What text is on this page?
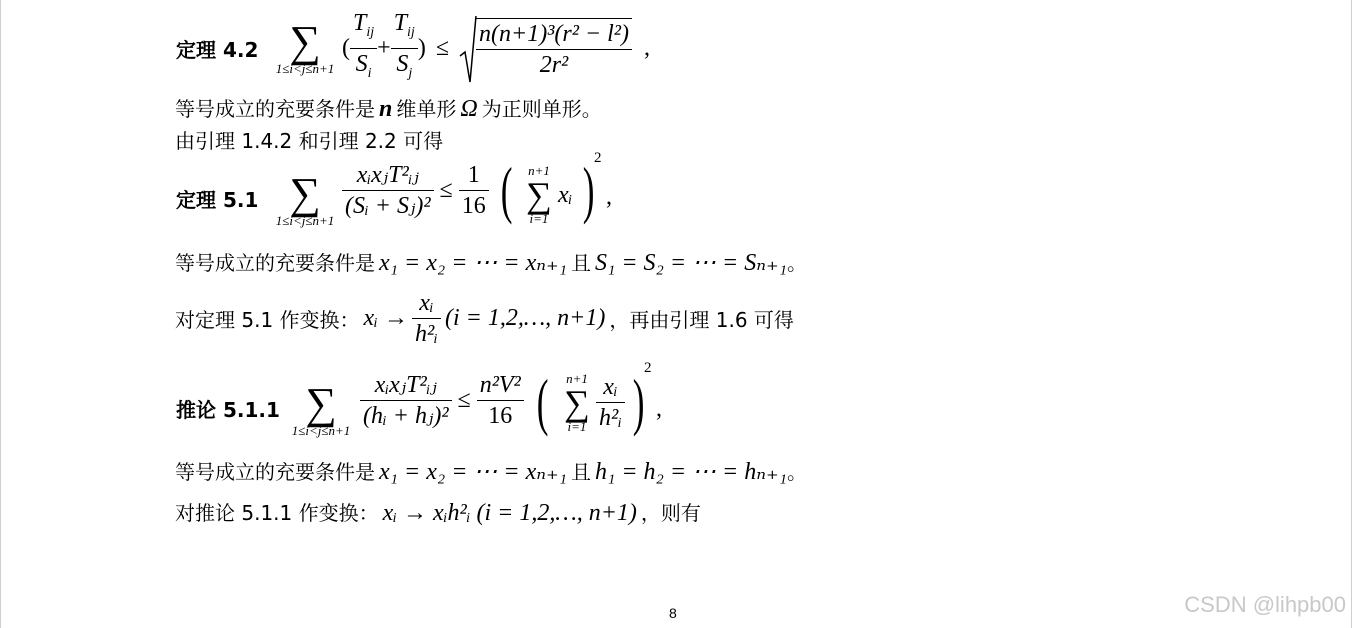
定理 4.2 ∑
1≤i<j≤n+1
( $\frac{T_{ij}}{S_i} + \frac{T_{ij}}{S_j}$ ) ≤ $\frac{\text{n(n+1)³(r² − l²)}}{\text{2r²}}$ ,
等号成立的充要条件是 n 维单形 Ω 为正则单形。
由引理 1.4.2 和引理 2.2 可得
定理 5.1 ∑
$1\le i<j\le n+1 \frac{\text{xᵢxⱼT²ᵢⱼ}}{\text{(Sᵢ + Sⱼ)²}} \le \frac{1}{16}$ (	n+1
∑
i=1
xᵢ ) 2
,
等号成立的充要条件是 x₁ = x₂ = ⋯ = xₙ₊₁ 且 S₁ = S₂ = ⋯ = Sₙ₊₁。
对定理 5.1 作变换： xᵢ → $\frac{\text{xᵢ}}{\text{h²ᵢ}} (i$ = 1,2,…, n+1) ，再由引理 1.6 可得
推论 5.1.1 ∑
$1\le i<j\le n+1 \frac{\text{xᵢxⱼT²ᵢⱼ}}{\text{(hᵢ + hⱼ)²}} \le \frac{\text{n²V²}}{16}$ (	n+1
∑
$i=1 \frac{\text{xᵢ}}{\text{h²ᵢ}}$ ) 2
,
等号成立的充要条件是 x₁ = x₂ = ⋯ = xₙ₊₁ 且 h₁ = h₂ = ⋯ = hₙ₊₁。
对推论 5.1.1 作变换： xᵢ → xᵢh²ᵢ (i = 1,2,…, n+1) ，则有
8	CSDN @lihpb00
